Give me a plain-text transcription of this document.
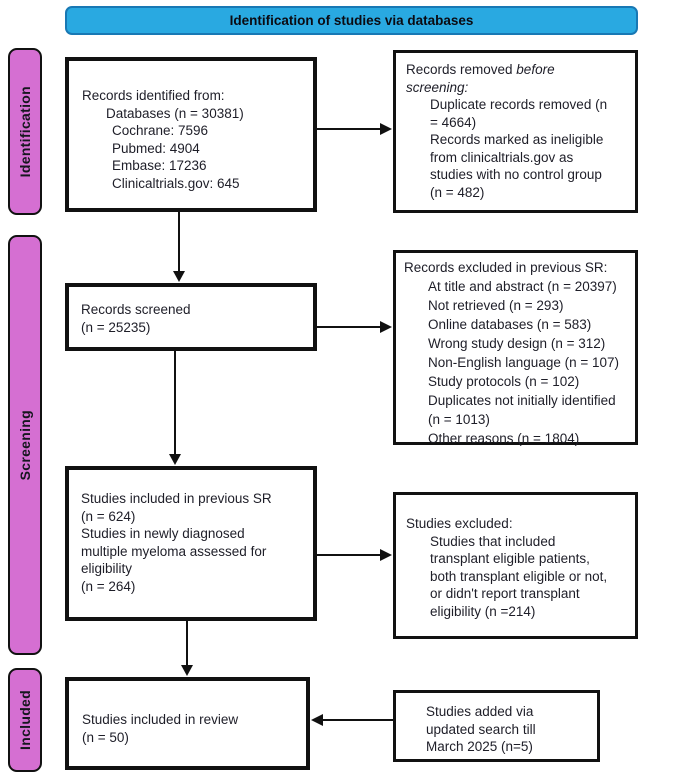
Identification of studies via databases
Identification
Screening
Included
Records identified from:
Databases (n = 30381)
Cochrane: 7596
Pubmed: 4904
Embase: 17236
Clinicaltrials.gov: 645
Records screened
(n = 25235)
Studies included in previous SR
(n = 624)
Studies in newly diagnosed
multiple myeloma assessed for
eligibility
(n = 264)
Studies included in review
(n = 50)
Records removed before
screening:
Duplicate records removed (n
= 4664)
Records marked as ineligible
from clinicaltrials.gov as
studies with no control group
(n = 482)
Records excluded in previous SR:
At title and abstract (n = 20397)
Not retrieved (n = 293)
Online databases (n = 583)
Wrong study design (n = 312)
Non-English language (n = 107)
Study protocols (n = 102)
Duplicates not initially identified
(n = 1013)
Other reasons (n = 1804)
Studies excluded:
Studies that included
transplant eligible patients,
both transplant eligible or not,
or didn't report transplant
eligibility (n =214)
Studies added via
updated search till
March 2025 (n=5)
